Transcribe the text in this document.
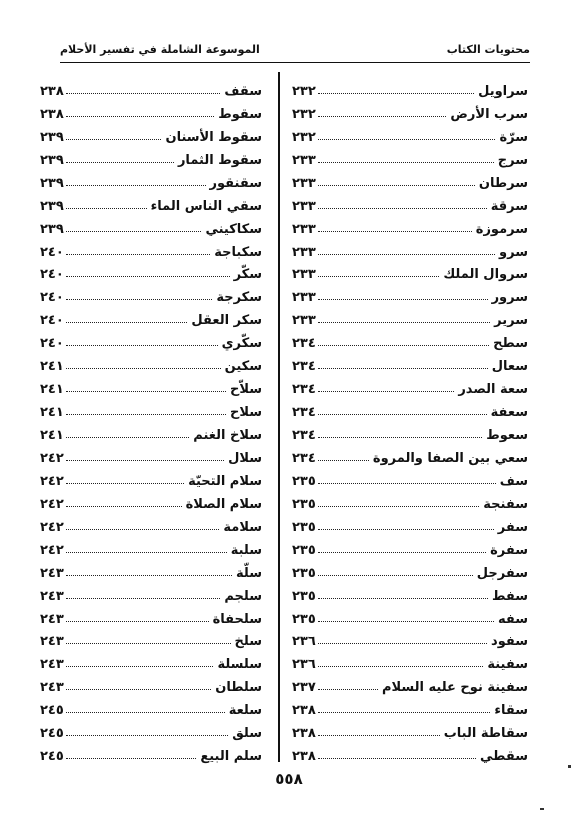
محتويات الكتاب
الموسوعة الشاملة في تفسير الأحلام
سراويل
٢٣٢
سرب الأرض
٢٣٢
سرّة
٢٣٢
سرج
٢٣٣
سرطان
٢٣٣
سرقة
٢٣٣
سرموزة
٢٣٣
سرو
٢٣٣
سروال الملك
٢٣٣
سرور
٢٣٣
سرير
٢٣٣
سطح
٢٣٤
سعال
٢٣٤
سعة الصدر
٢٣٤
سعفة
٢٣٤
سعوط
٢٣٤
سعي بين الصفا والمروة
٢٣٤
سف
٢٣٥
سفنجة
٢٣٥
سفر
٢٣٥
سفرة
٢٣٥
سفرجل
٢٣٥
سفط
٢٣٥
سفه
٢٣٥
سفود
٢٣٦
سفينة
٢٣٦
سفينة نوح عليه السلام
٢٣٧
سقاء
٢٣٨
سقاطة الباب
٢٣٨
سقطي
٢٣٨
سقف
٢٣٨
سقوط
٢٣٨
سقوط الأسنان
٢٣٩
سقوط الثمار
٢٣٩
سقنقور
٢٣٩
سقي الناس الماء
٢٣٩
سكاكيني
٢٣٩
سكباجة
٢٤٠
سكّر
٢٤٠
سكرجة
٢٤٠
سكر العقل
٢٤٠
سكّري
٢٤٠
سكين
٢٤١
سلاّح
٢٤١
سلاح
٢٤١
سلاخ الغنم
٢٤١
سلال
٢٤٢
سلام التحيّة
٢٤٢
سلام الصلاة
٢٤٢
سلامة
٢٤٢
سلبة
٢٤٢
سلّة
٢٤٣
سلجم
٢٤٣
سلحفاة
٢٤٣
سلخ
٢٤٣
سلسلة
٢٤٣
سلطان
٢٤٣
سلعة
٢٤٥
سلق
٢٤٥
سلم البيع
٢٤٥
٥٥٨
